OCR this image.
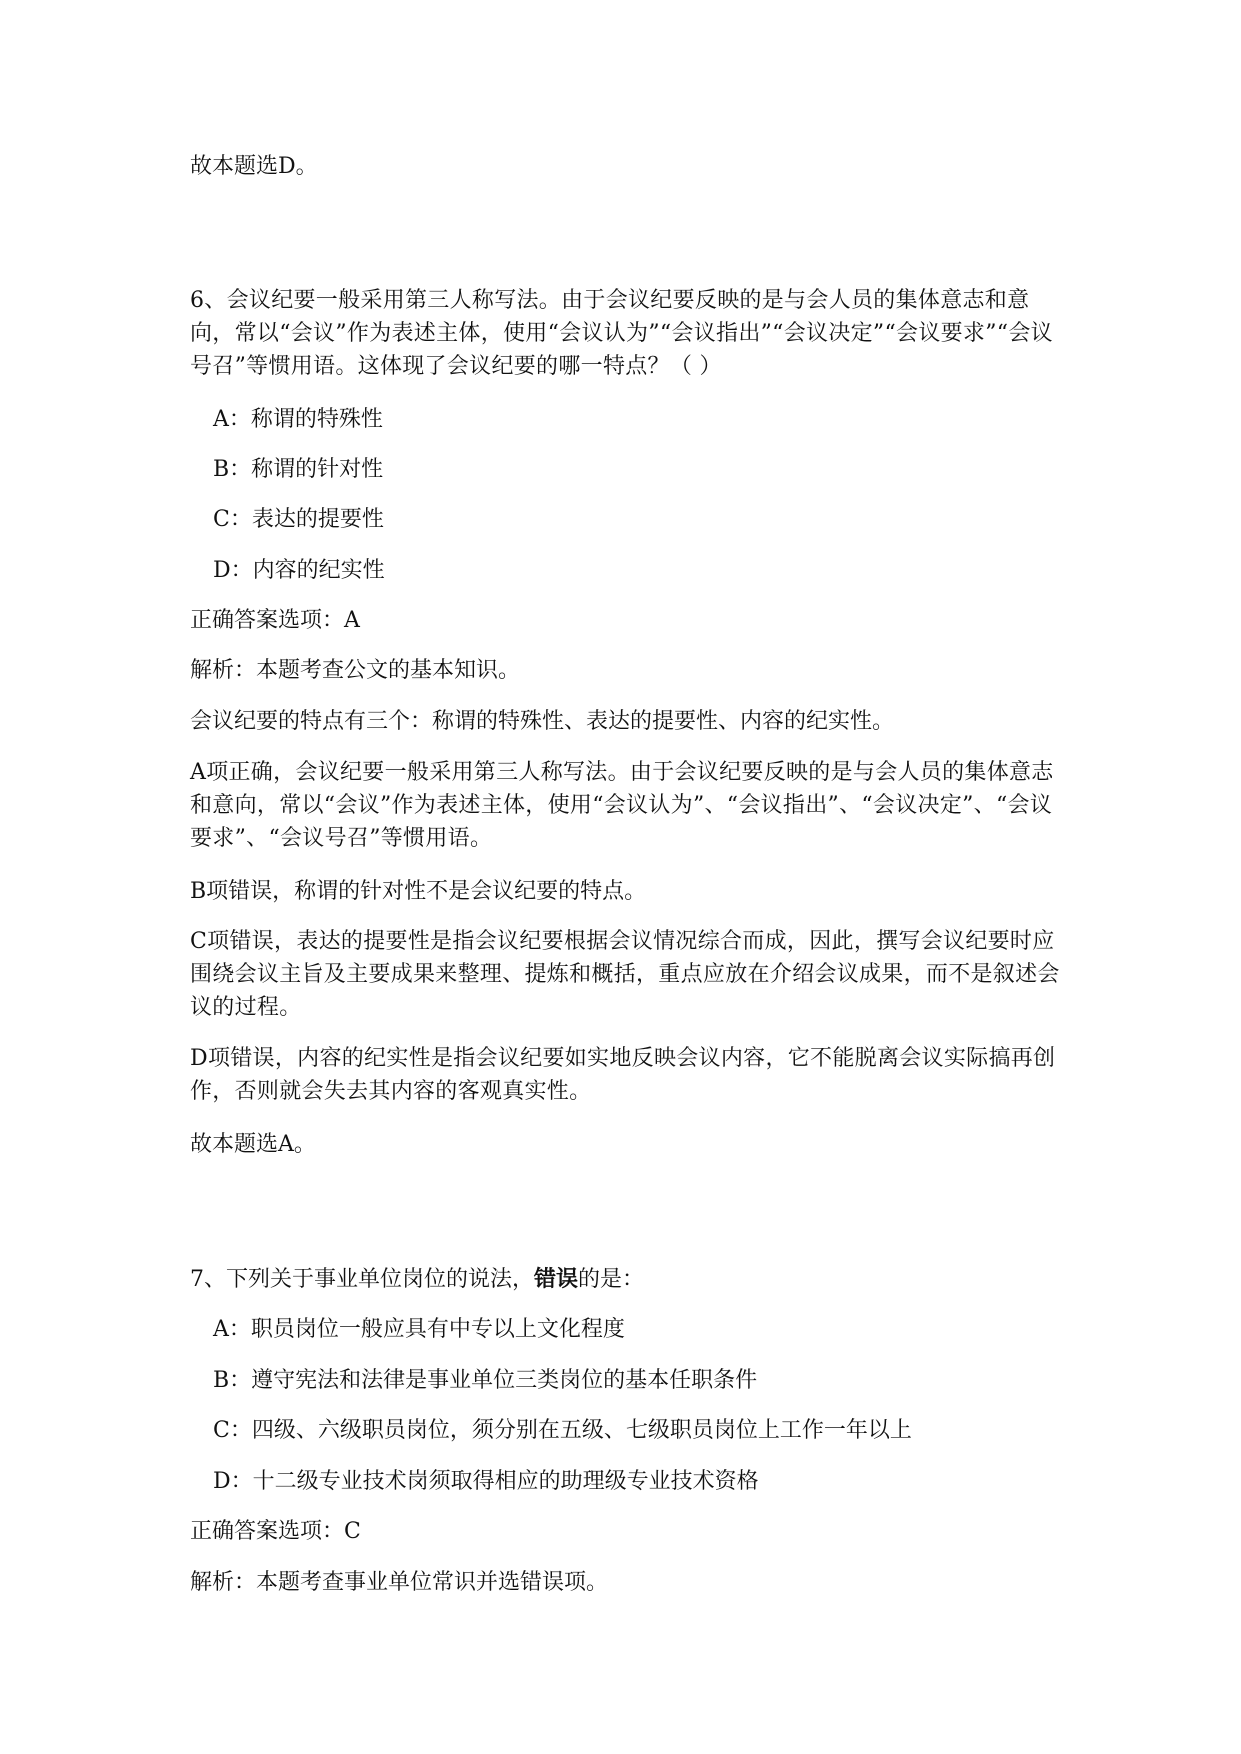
故本题选D。

6、会议纪要一般采用第三人称写法。由于会议纪要反映的是与会人员的集体意志和意向，常以“会议”作为表述主体，使用“会议认为”“会议指出”“会议决定”“会议要求”“会议号召”等惯用语。这体现了会议纪要的哪一特点？（ ）

A：称谓的特殊性

B：称谓的针对性

C：表达的提要性

D：内容的纪实性

正确答案选项：A

解析：本题考查公文的基本知识。

会议纪要的特点有三个：称谓的特殊性、表达的提要性、内容的纪实性。

A项正确，会议纪要一般采用第三人称写法。由于会议纪要反映的是与会人员的集体意志和意向，常以“会议”作为表述主体，使用“会议认为”、“会议指出”、“会议决定”、“会议要求”、“会议号召”等惯用语。

B项错误，称谓的针对性不是会议纪要的特点。

C项错误，表达的提要性是指会议纪要根据会议情况综合而成，因此，撰写会议纪要时应围绕会议主旨及主要成果来整理、提炼和概括，重点应放在介绍会议成果，而不是叙述会议的过程。

D项错误，内容的纪实性是指会议纪要如实地反映会议内容，它不能脱离会议实际搞再创作，否则就会失去其内容的客观真实性。

故本题选A。

7、下列关于事业单位岗位的说法，错误的是：

A：职员岗位一般应具有中专以上文化程度

B：遵守宪法和法律是事业单位三类岗位的基本任职条件

C：四级、六级职员岗位，须分别在五级、七级职员岗位上工作一年以上

D：十二级专业技术岗须取得相应的助理级专业技术资格

正确答案选项：C

解析：本题考查事业单位常识并选错误项。
